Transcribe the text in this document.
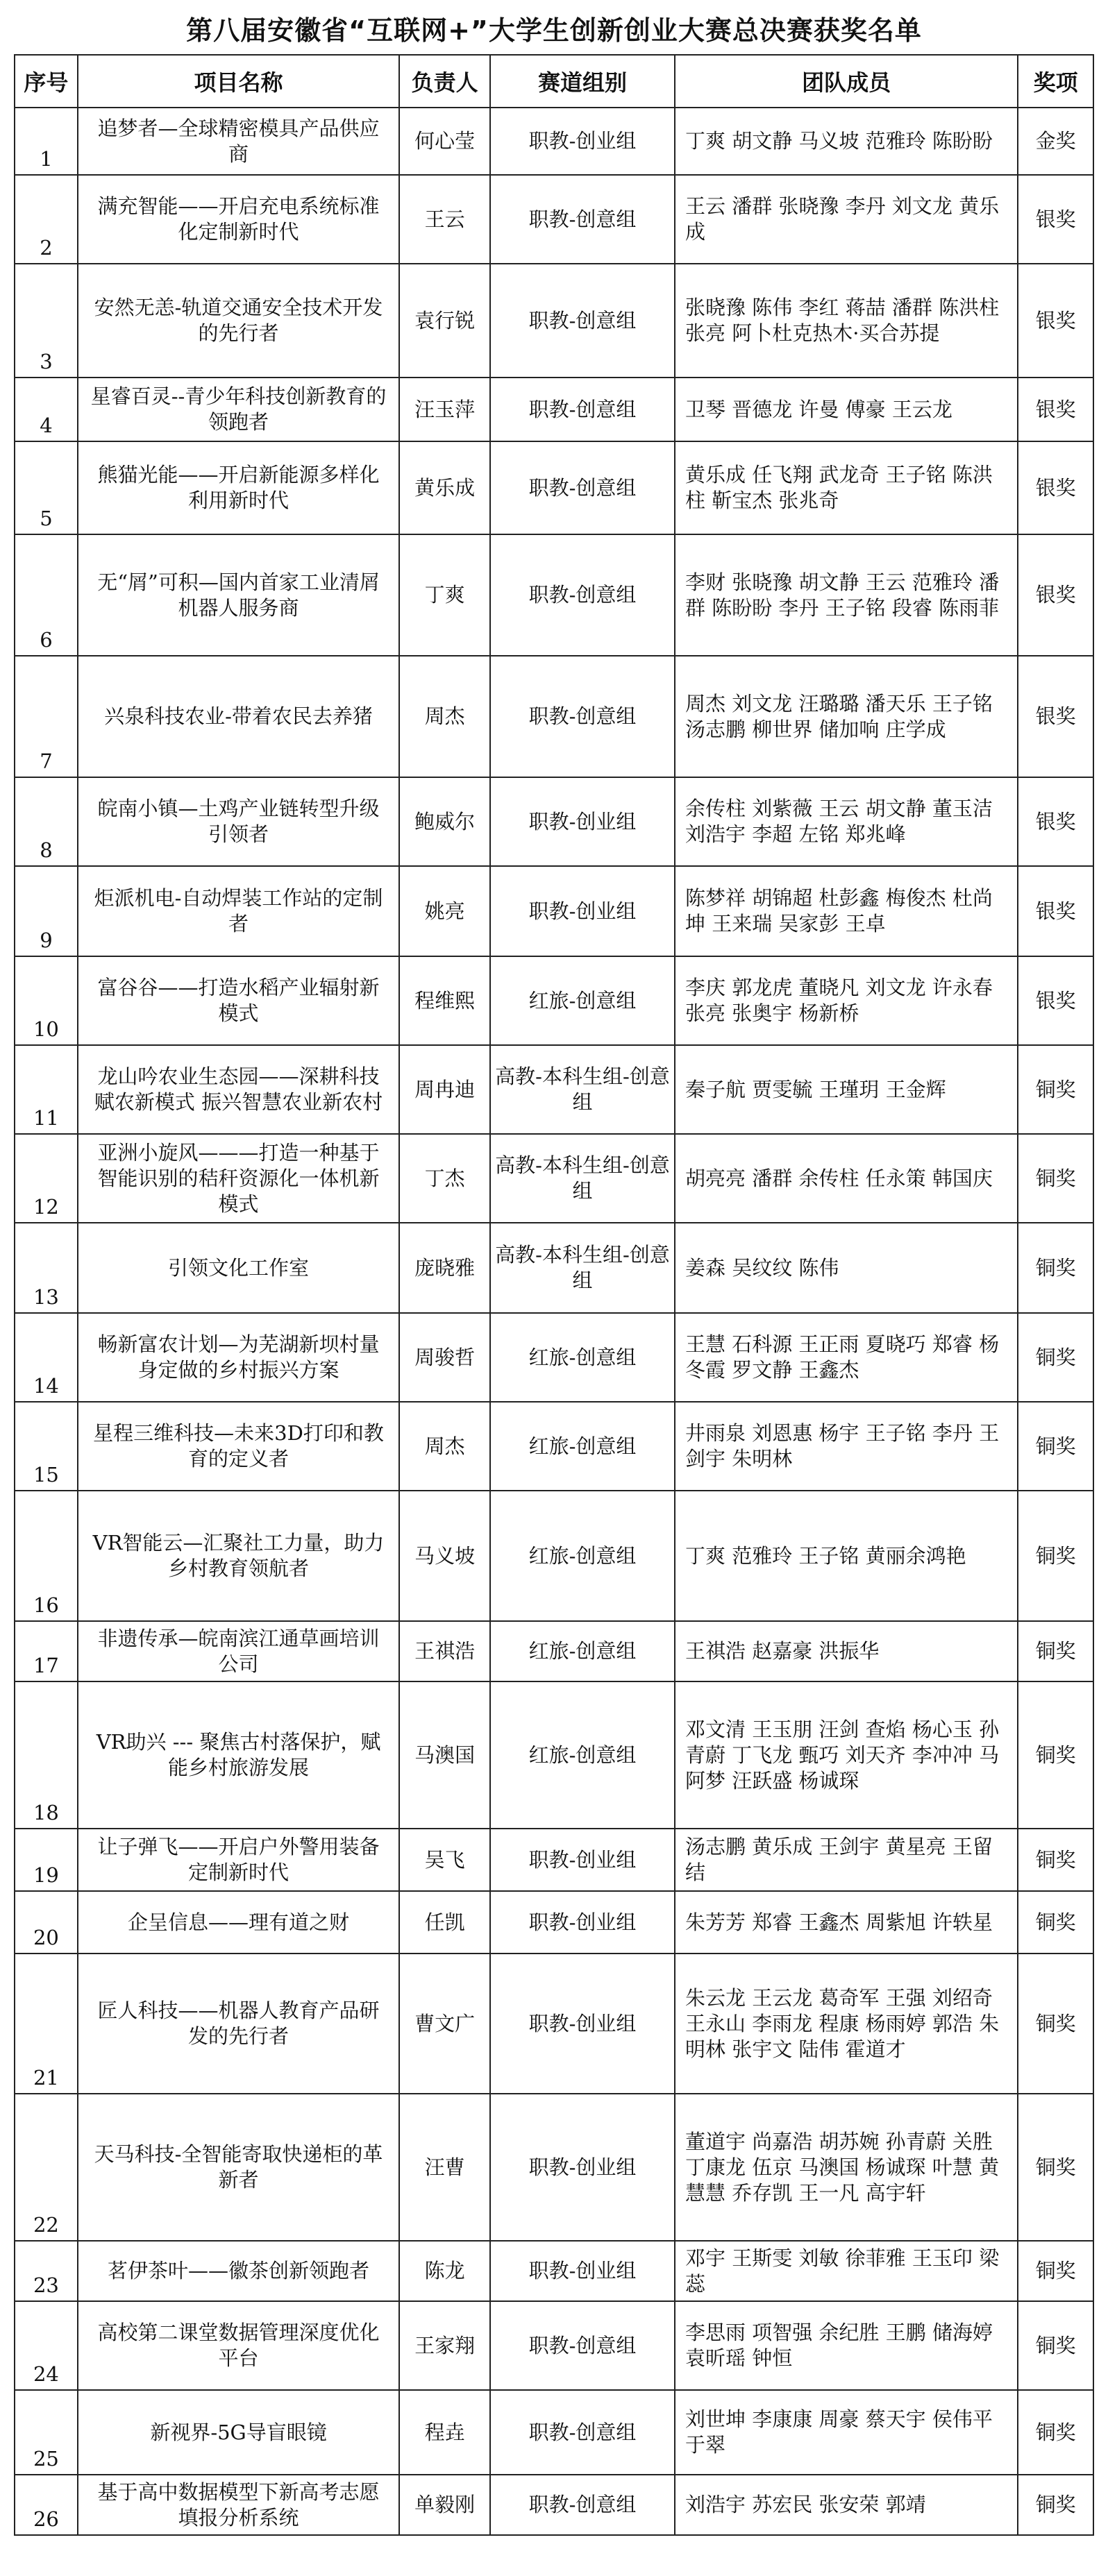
第八届安徽省“互联网+”大学生创新创业大赛总决赛获奖名单
序号	项目名称	负责人	赛道组别	团队成员	奖项
1	追梦者—全球精密模具产品供应商	何心莹	职教-创业组	丁爽 胡文静 马义坡 范雅玲 陈盼盼	金奖
2	满充智能——开启充电系统标准化定制新时代	王云	职教-创意组	王云 潘群 张晓豫 李丹 刘文龙 黄乐成	银奖
3	安然无恙-轨道交通安全技术开发的先行者	袁行锐	职教-创意组	张晓豫 陈伟 李红 蒋喆 潘群 陈洪柱 张亮 阿卜杜克热木·买合苏提	银奖
4	星睿百灵--青少年科技创新教育的领跑者	汪玉萍	职教-创意组	卫琴 晋德龙 许曼 傅豪 王云龙	银奖
5	熊猫光能——开启新能源多样化利用新时代	黄乐成	职教-创意组	黄乐成 任飞翔 武龙奇 王子铭 陈洪柱 靳宝杰 张兆奇	银奖
6	无“屑”可积—国内首家工业清屑机器人服务商	丁爽	职教-创意组	李财 张晓豫 胡文静 王云 范雅玲 潘群 陈盼盼 李丹 王子铭 段睿 陈雨菲	银奖
7	兴泉科技农业-带着农民去养猪	周杰	职教-创意组	周杰 刘文龙 汪璐璐 潘天乐 王子铭 汤志鹏 柳世界 储加响 庄学成	银奖
8	皖南小镇—土鸡产业链转型升级引领者	鲍威尔	职教-创业组	余传柱 刘紫薇 王云 胡文静 董玉洁 刘浩宇 李超 左铭 郑兆峰	银奖
9	炬派机电-自动焊装工作站的定制者	姚亮	职教-创业组	陈梦祥 胡锦超 杜彭鑫 梅俊杰 杜尚坤 王来瑞 吴家彭 王卓	银奖
10	富谷谷——打造水稻产业辐射新模式	程维熙	红旅-创意组	李庆 郭龙虎 董晓凡 刘文龙 许永春 张亮 张奥宇 杨新桥	银奖
11	龙山吟农业生态园——深耕科技赋农新模式 振兴智慧农业新农村	周冉迪	高教-本科生组-创意组	秦子航 贾雯毓 王瑾玥 王金辉	铜奖
12	亚洲小旋风———打造一种基于智能识别的秸秆资源化一体机新模式	丁杰	高教-本科生组-创意组	胡亮亮 潘群 余传柱 任永策 韩国庆	铜奖
13	引领文化工作室	庞晓雅	高教-本科生组-创意组	姜森 吴纹纹 陈伟	铜奖
14	畅新富农计划—为芜湖新坝村量身定做的乡村振兴方案	周骏哲	红旅-创意组	王慧 石科源 王正雨 夏晓巧 郑睿 杨冬霞 罗文静 王鑫杰	铜奖
15	星程三维科技—未来3D打印和教育的定义者	周杰	红旅-创意组	井雨泉 刘恩惠 杨宇 王子铭 李丹 王剑宇 朱明林	铜奖
16	VR智能云—汇聚社工力量，助力乡村教育领航者	马义坡	红旅-创意组	丁爽 范雅玲 王子铭 黄丽余鸿艳	铜奖
17	非遗传承—皖南滨江通草画培训公司	王祺浩	红旅-创意组	王祺浩 赵嘉豪 洪振华	铜奖
18	VR助兴 --- 聚焦古村落保护，赋能乡村旅游发展	马澳国	红旅-创意组	邓文清 王玉朋 汪剑 查焰 杨心玉 孙青蔚 丁飞龙 甄巧 刘天齐 李冲冲 马阿梦 汪跃盛 杨诚琛	铜奖
19	让子弹飞——开启户外警用装备定制新时代	吴飞	职教-创业组	汤志鹏 黄乐成 王剑宇 黄星亮 王留结	铜奖
20	企呈信息——理有道之财	任凯	职教-创业组	朱芳芳 郑睿 王鑫杰 周紫旭 许轶星	铜奖
21	匠人科技——机器人教育产品研发的先行者	曹文广	职教-创业组	朱云龙 王云龙 葛奇军 王强 刘绍奇 王永山 李雨龙 程康 杨雨婷 郭浩 朱明林 张宇文 陆伟 霍道才	铜奖
22	天马科技-全智能寄取快递柜的革新者	汪曹	职教-创业组	董道宇 尚嘉浩 胡苏婉 孙青蔚 关胜 丁康龙 伍京 马澳国 杨诚琛 叶慧 黄慧慧 乔存凯 王一凡 高宇轩	铜奖
23	茗伊茶叶——徽茶创新领跑者	陈龙	职教-创业组	邓宇 王斯雯 刘敏 徐菲雅 王玉印 梁蕊	铜奖
24	高校第二课堂数据管理深度优化平台	王家翔	职教-创意组	李思雨 项智强 余纪胜 王鹏 储海婷 袁昕瑶 钟恒	铜奖
25	新视界-5G导盲眼镜	程垚	职教-创意组	刘世坤 李康康 周豪 蔡天宇 侯伟平 于翠	铜奖
26	基于高中数据模型下新高考志愿填报分析系统	单毅刚	职教-创意组	刘浩宇 苏宏民 张安荣 郭靖	铜奖
